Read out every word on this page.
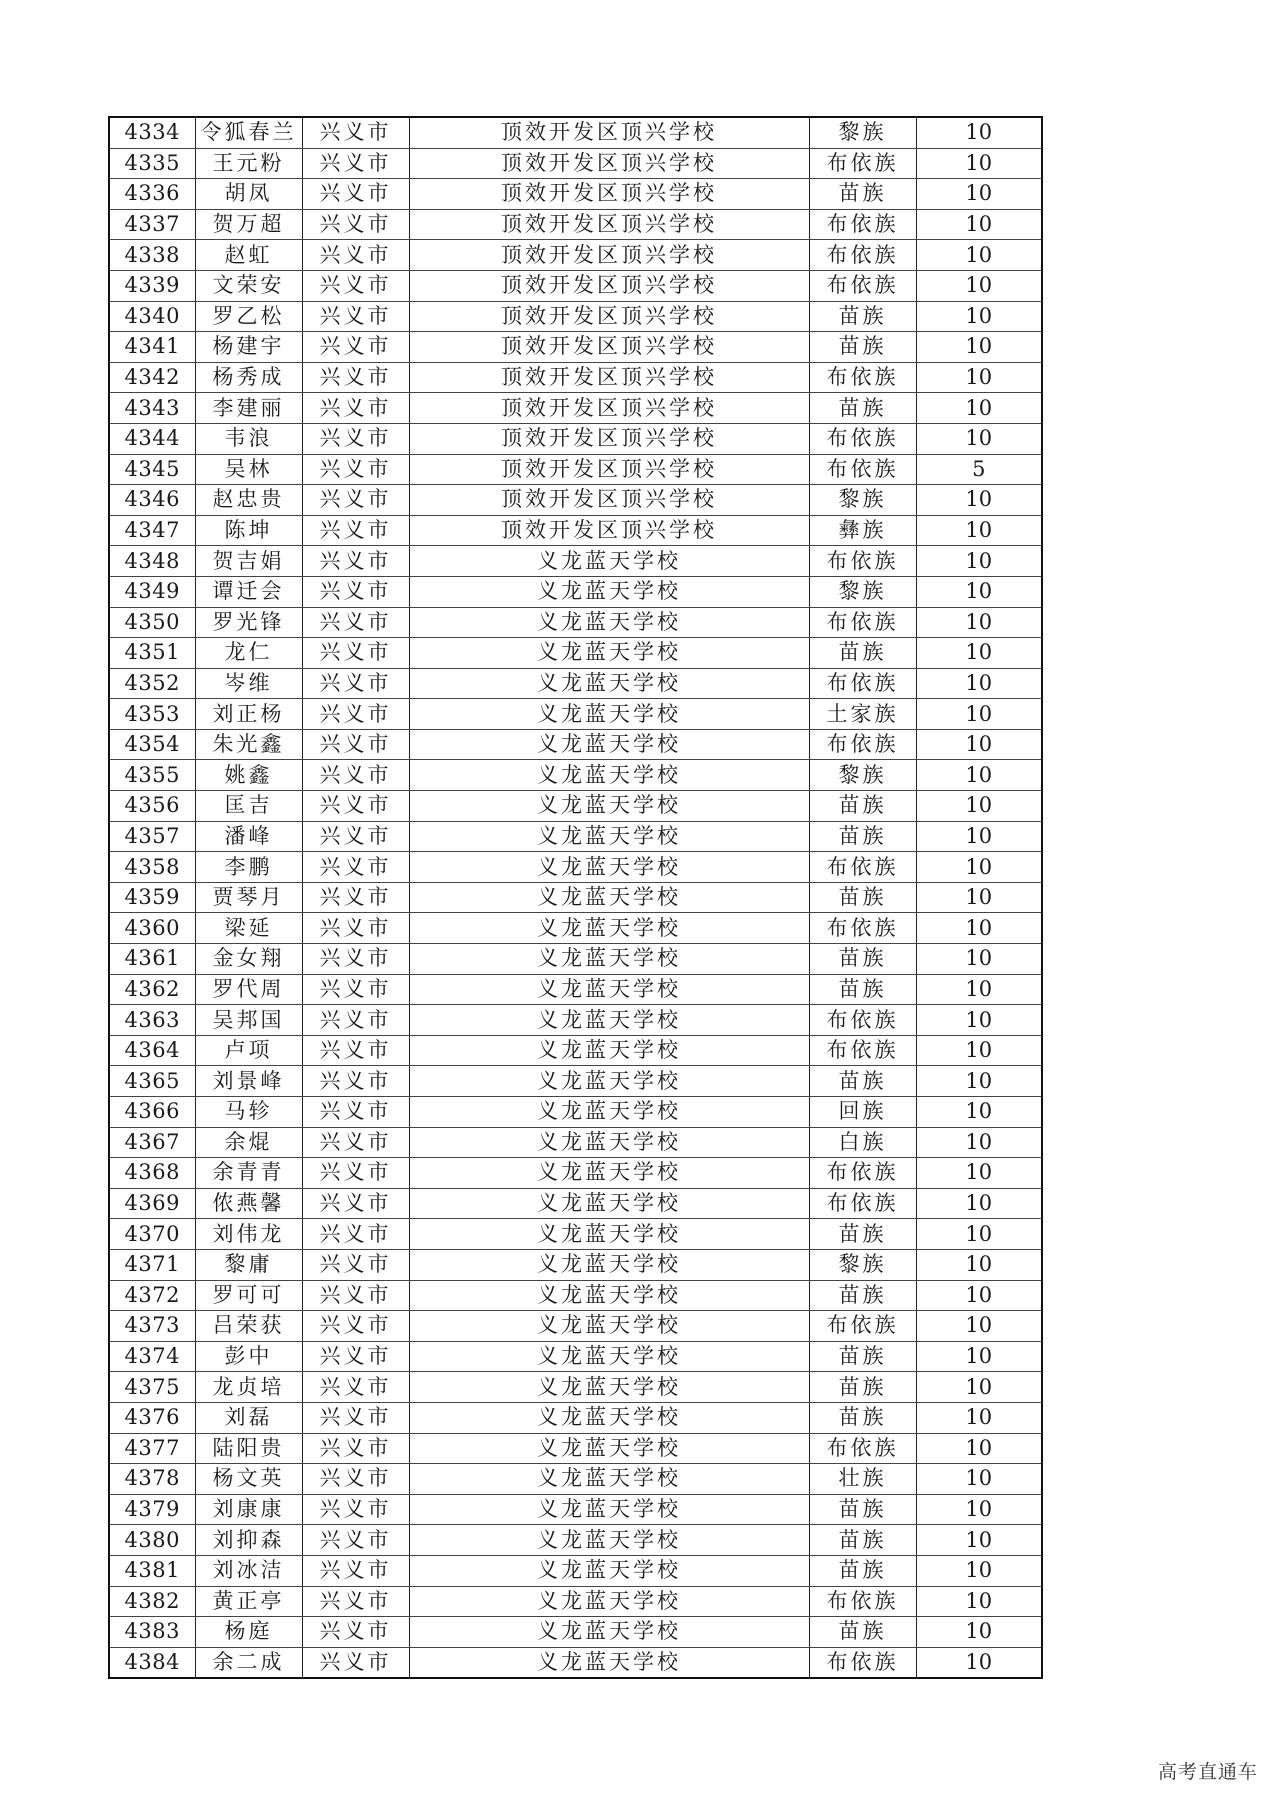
4334	令狐春兰	兴义市	顶效开发区顶兴学校	黎族	10
4335	王元粉	兴义市	顶效开发区顶兴学校	布依族	10
4336	胡凤	兴义市	顶效开发区顶兴学校	苗族	10
4337	贺万超	兴义市	顶效开发区顶兴学校	布依族	10
4338	赵虹	兴义市	顶效开发区顶兴学校	布依族	10
4339	文荣安	兴义市	顶效开发区顶兴学校	布依族	10
4340	罗乙松	兴义市	顶效开发区顶兴学校	苗族	10
4341	杨建宇	兴义市	顶效开发区顶兴学校	苗族	10
4342	杨秀成	兴义市	顶效开发区顶兴学校	布依族	10
4343	李建丽	兴义市	顶效开发区顶兴学校	苗族	10
4344	韦浪	兴义市	顶效开发区顶兴学校	布依族	10
4345	吴林	兴义市	顶效开发区顶兴学校	布依族	5
4346	赵忠贵	兴义市	顶效开发区顶兴学校	黎族	10
4347	陈坤	兴义市	顶效开发区顶兴学校	彝族	10
4348	贺吉娟	兴义市	义龙蓝天学校	布依族	10
4349	谭迁会	兴义市	义龙蓝天学校	黎族	10
4350	罗光锋	兴义市	义龙蓝天学校	布依族	10
4351	龙仁	兴义市	义龙蓝天学校	苗族	10
4352	岑维	兴义市	义龙蓝天学校	布依族	10
4353	刘正杨	兴义市	义龙蓝天学校	土家族	10
4354	朱光鑫	兴义市	义龙蓝天学校	布依族	10
4355	姚鑫	兴义市	义龙蓝天学校	黎族	10
4356	匡吉	兴义市	义龙蓝天学校	苗族	10
4357	潘峰	兴义市	义龙蓝天学校	苗族	10
4358	李鹏	兴义市	义龙蓝天学校	布依族	10
4359	贾琴月	兴义市	义龙蓝天学校	苗族	10
4360	梁延	兴义市	义龙蓝天学校	布依族	10
4361	金女翔	兴义市	义龙蓝天学校	苗族	10
4362	罗代周	兴义市	义龙蓝天学校	苗族	10
4363	吴邦国	兴义市	义龙蓝天学校	布依族	10
4364	卢项	兴义市	义龙蓝天学校	布依族	10
4365	刘景峰	兴义市	义龙蓝天学校	苗族	10
4366	马轸	兴义市	义龙蓝天学校	回族	10
4367	余焜	兴义市	义龙蓝天学校	白族	10
4368	余青青	兴义市	义龙蓝天学校	布依族	10
4369	侬燕馨	兴义市	义龙蓝天学校	布依族	10
4370	刘伟龙	兴义市	义龙蓝天学校	苗族	10
4371	黎庸	兴义市	义龙蓝天学校	黎族	10
4372	罗可可	兴义市	义龙蓝天学校	苗族	10
4373	吕荣获	兴义市	义龙蓝天学校	布依族	10
4374	彭中	兴义市	义龙蓝天学校	苗族	10
4375	龙贞培	兴义市	义龙蓝天学校	苗族	10
4376	刘磊	兴义市	义龙蓝天学校	苗族	10
4377	陆阳贵	兴义市	义龙蓝天学校	布依族	10
4378	杨文英	兴义市	义龙蓝天学校	壮族	10
4379	刘康康	兴义市	义龙蓝天学校	苗族	10
4380	刘抑森	兴义市	义龙蓝天学校	苗族	10
4381	刘冰洁	兴义市	义龙蓝天学校	苗族	10
4382	黄正亭	兴义市	义龙蓝天学校	布依族	10
4383	杨庭	兴义市	义龙蓝天学校	苗族	10
4384	余二成	兴义市	义龙蓝天学校	布依族	10
高考直通车
